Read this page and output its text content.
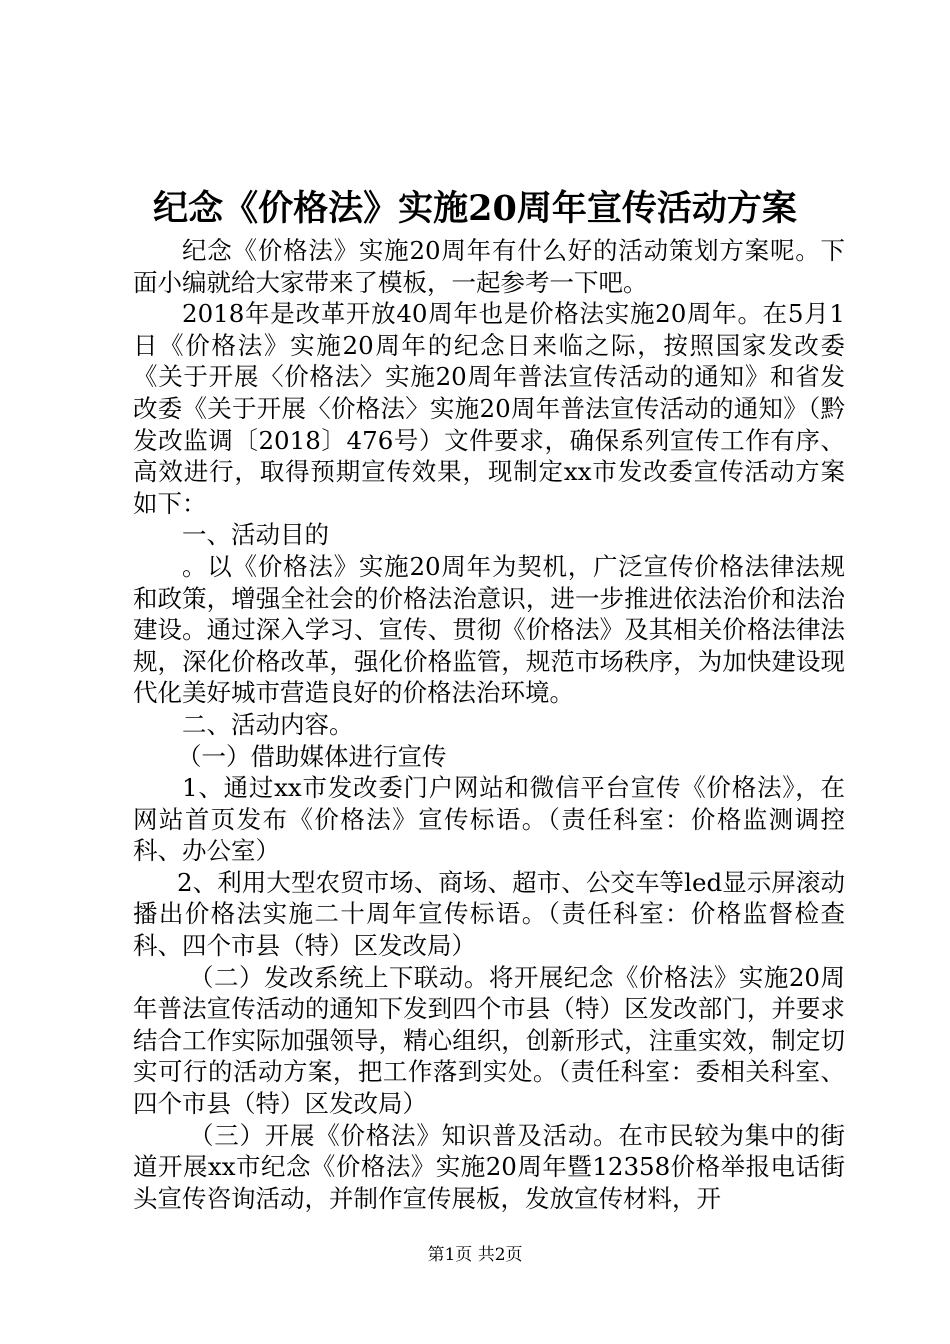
纪念《价格法》实施20周年宣传活动方案

纪念《价格法》实施20周年有什么好的活动策划方案呢。下面小编就给大家带来了模板，一起参考一下吧。

2018年是改革开放40周年也是价格法实施20周年。在5月1日《价格法》实施20周年的纪念日来临之际，按照国家发改委《关于开展〈价格法〉实施20周年普法宣传活动的通知》和省发改委《关于开展〈价格法〉实施20周年普法宣传活动的通知》（黔发改监调〔2018〕476号）文件要求，确保系列宣传工作有序、高效进行，取得预期宣传效果，现制定xx市发改委宣传活动方案如下：

一、活动目的

。以《价格法》实施20周年为契机，广泛宣传价格法律法规和政策，增强全社会的价格法治意识，进一步推进依法治价和法治建设。通过深入学习、宣传、贯彻《价格法》及其相关价格法律法规，深化价格改革，强化价格监管，规范市场秩序，为加快建设现代化美好城市营造良好的价格法治环境。

二、活动内容。

（一）借助媒体进行宣传

1、通过xx市发改委门户网站和微信平台宣传《价格法》，在网站首页发布《价格法》宣传标语。（责任科室：价格监测调控科、办公室）

2、利用大型农贸市场、商场、超市、公交车等led显示屏滚动播出价格法实施二十周年宣传标语。（责任科室：价格监督检查科、四个市县（特）区发改局）

（二）发改系统上下联动。将开展纪念《价格法》实施20周年普法宣传活动的通知下发到四个市县（特）区发改部门，并要求结合工作实际加强领导，精心组织，创新形式，注重实效，制定切实可行的活动方案，把工作落到实处。（责任科室：委相关科室、四个市县（特）区发改局）

（三）开展《价格法》知识普及活动。在市民较为集中的街道开展xx市纪念《价格法》实施20周年暨12358价格举报电话街头宣传咨询活动，并制作宣传展板，发放宣传材料，开

第1页 共2页
